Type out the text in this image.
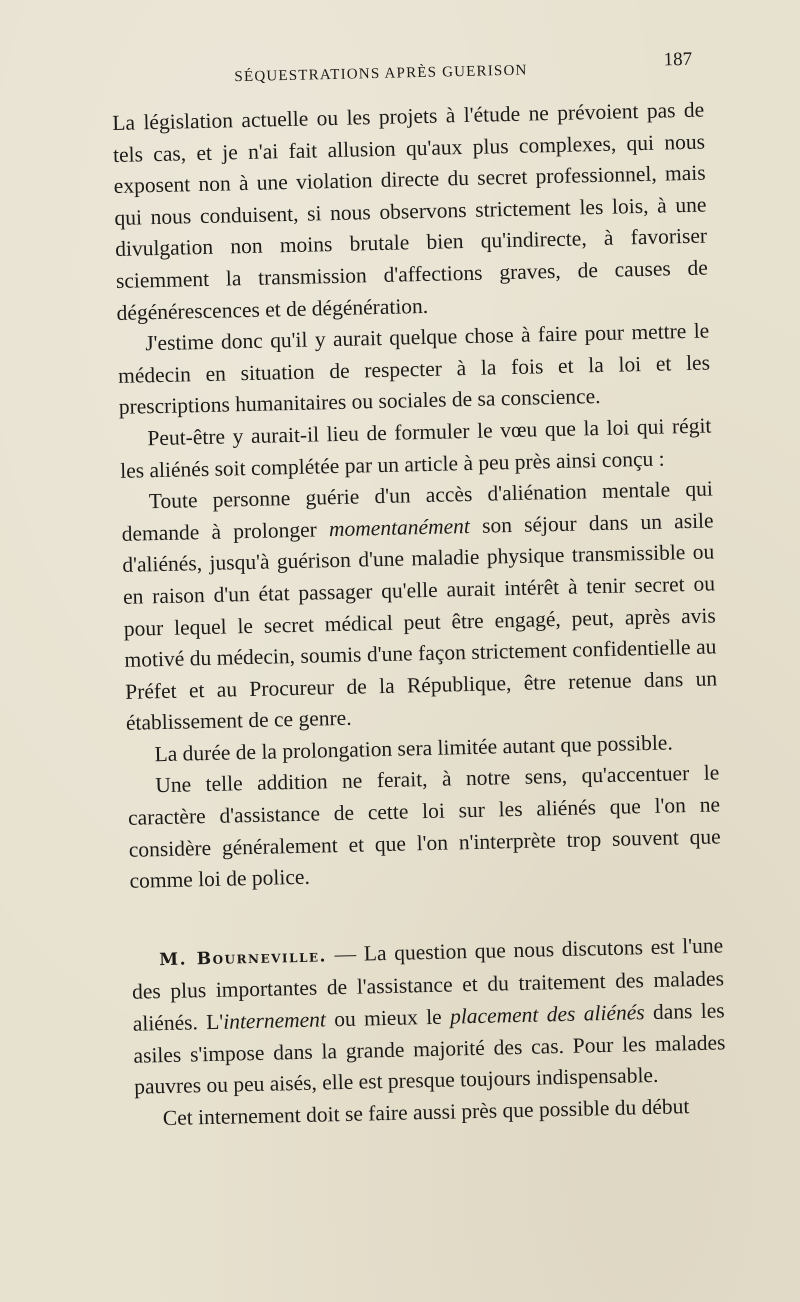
SÉQUESTRATIONS APRÈS GUERISON
187

La législation actuelle ou les projets à l'étude ne prévoient pas de tels cas, et je n'ai fait allusion qu'aux plus complexes, qui nous exposent non à une violation directe du secret professionnel, mais qui nous conduisent, si nous observons strictement les lois, à une divulgation non moins brutale bien qu'indirecte, à favoriser sciemment la transmission d'affections graves, de causes de dégénérescences et de dégénération.

J'estime donc qu'il y aurait quelque chose à faire pour mettre le médecin en situation de respecter à la fois et la loi et les prescriptions humanitaires ou sociales de sa conscience.

Peut-être y aurait-il lieu de formuler le vœu que la loi qui régit les aliénés soit complétée par un article à peu près ainsi conçu :

Toute personne guérie d'un accès d'aliénation mentale qui demande à prolonger momentanément son séjour dans un asile d'aliénés, jusqu'à guérison d'une maladie physique transmissible ou en raison d'un état passager qu'elle aurait intérêt à tenir secret ou pour lequel le secret médical peut être engagé, peut, après avis motivé du médecin, soumis d'une façon strictement confidentielle au Préfet et au Procureur de la République, être retenue dans un établissement de ce genre.

La durée de la prolongation sera limitée autant que possible.

Une telle addition ne ferait, à notre sens, qu'accentuer le caractère d'assistance de cette loi sur les aliénés que l'on ne considère généralement et que l'on n'interprète trop souvent que comme loi de police.

M. Bourneville. — La question que nous discutons est l'une des plus importantes de l'assistance et du traitement des malades aliénés. L'internement ou mieux le placement des aliénés dans les asiles s'impose dans la grande majorité des cas. Pour les malades pauvres ou peu aisés, elle est presque toujours indispensable.

Cet internement doit se faire aussi près que possible du début
